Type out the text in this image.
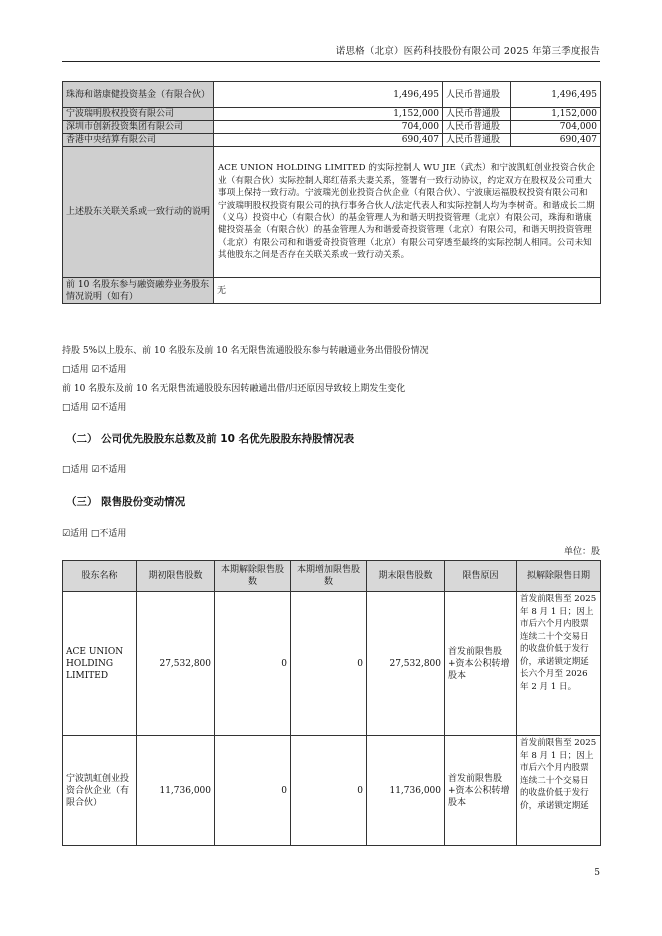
诺思格（北京）医药科技股份有限公司 2025 年第三季度报告
珠海和谐康健投资基金（有限合伙）	1,496,495	人民币普通股	1,496,495
宁波瑞明股权投资有限公司	1,152,000	人民币普通股	1,152,000
深圳市创新投资集团有限公司	704,000	人民币普通股	704,000
香港中央结算有限公司	690,407	人民币普通股	690,407
上述股东关联关系或一致行动的说明	ACE UNION HOLDING LIMITED 的实际控制人 WU JIE（武杰）和宁波凯虹创业投资合伙企业（有限合伙）实际控制人郑红蓓系夫妻关系，签署有一致行动协议，约定双方在股权及公司重大事项上保持一致行动。宁波瑞光创业投资合伙企业（有限合伙）、宁波康运福股权投资有限公司和宁波瑞明股权投资有限公司的执行事务合伙人/法定代表人和实际控制人均为李树奇。和谐成长二期（义乌）投资中心（有限合伙）的基金管理人为和谐天明投资管理（北京）有限公司，珠海和谐康健投资基金（有限合伙）的基金管理人为和谐爱奇投资管理（北京）有限公司，和谐天明投资管理（北京）有限公司和和谐爱奇投资管理（北京）有限公司穿透至最终的实际控制人相同。公司未知其他股东之间是否存在关联关系或一致行动关系。		
前 10 名股东参与融资融券业务股东情况说明（如有）	无		
持股 5%以上股东、前 10 名股东及前 10 名无限售流通股股东参与转融通业务出借股份情况
□适用 ☑不适用
前 10 名股东及前 10 名无限售流通股股东因转融通出借/归还原因导致较上期发生变化
□适用 ☑不适用
（二） 公司优先股股东总数及前 10 名优先股股东持股情况表
□适用 ☑不适用
（三） 限售股份变动情况
☑适用 □不适用
单位：股
股东名称	期初限售股数	本期解除限售股数	本期增加限售股数	期末限售股数	限售原因	拟解除限售日期
ACE UNION HOLDING LIMITED	27,532,800	0	0	27,532,800	首发前限售股+资本公积转增股本	首发前限售至 2025 年 8 月 1 日；因上市后六个月内股票连续二十个交易日的收盘价低于发行价，承诺锁定期延长六个月至 2026 年 2 月 1 日。
宁波凯虹创业投资合伙企业（有限合伙）	11,736,000	0	0	11,736,000	首发前限售股+资本公积转增股本	首发前限售至 2025 年 8 月 1 日；因上市后六个月内股票连续二十个交易日的收盘价低于发行价，承诺锁定期延
5
